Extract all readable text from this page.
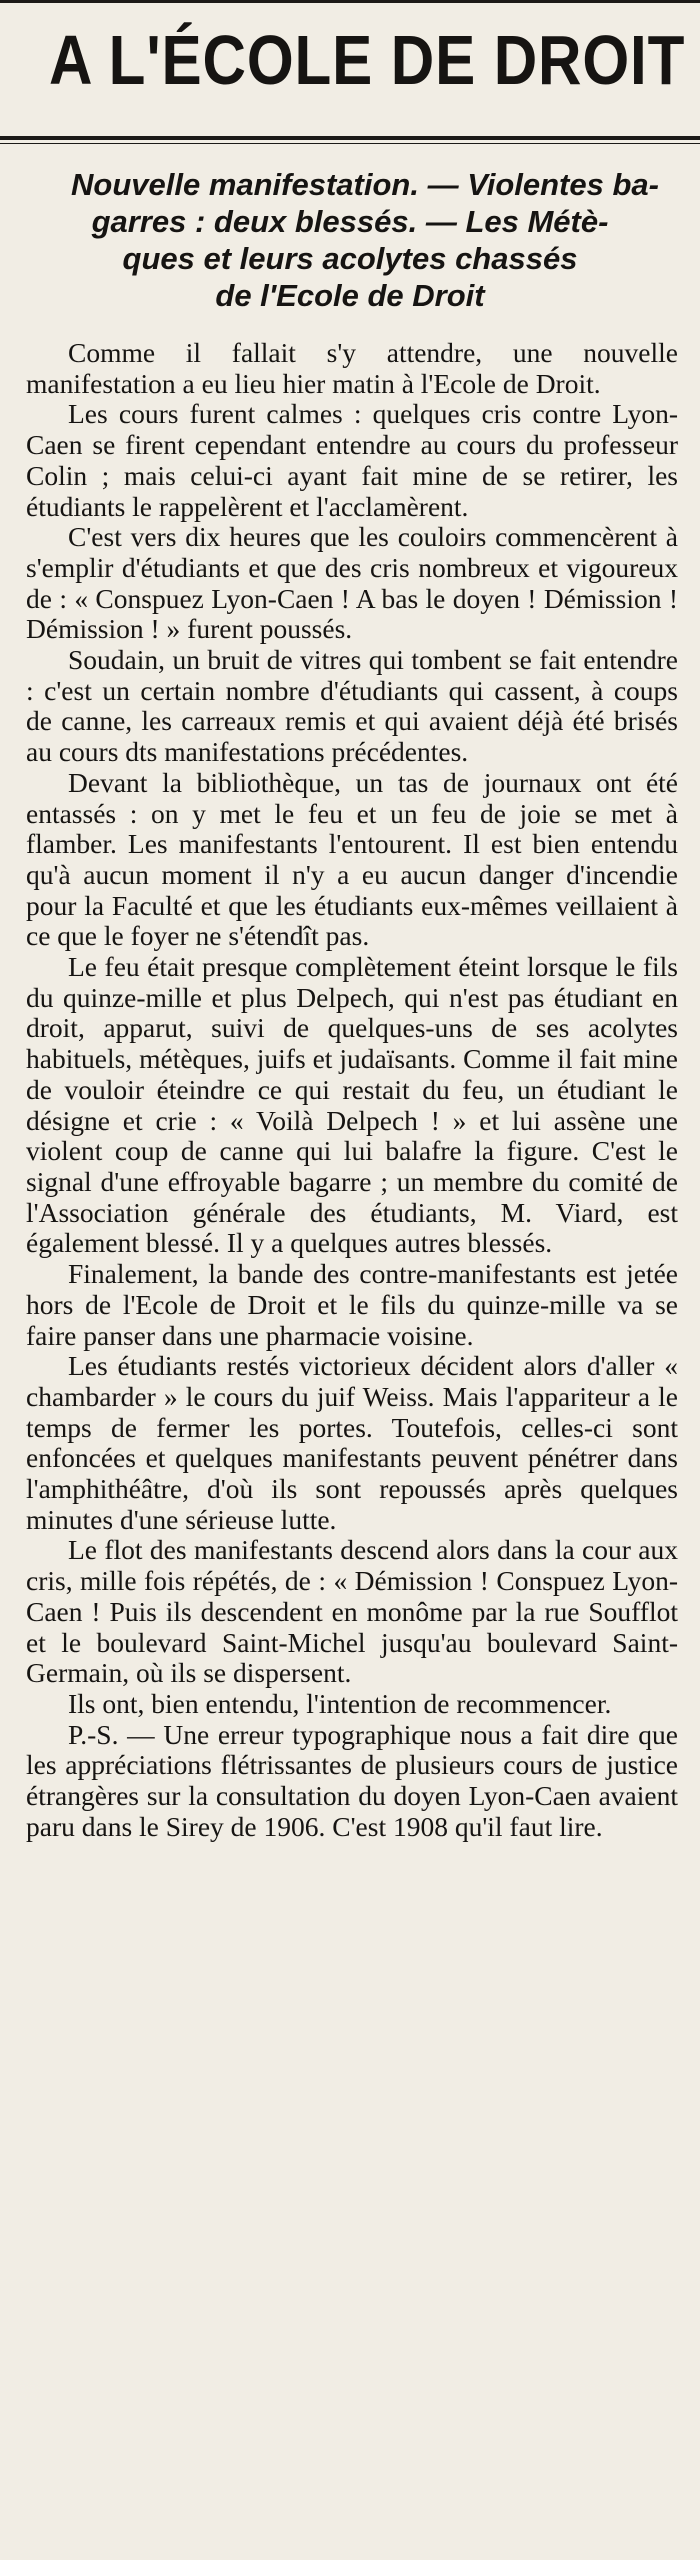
A L'ÉCOLE DE DROIT
Nouvelle manifestation. — Violentes ba-
garres : deux blessés. — Les Métè-
ques et leurs acolytes chassés
de l'Ecole de Droit

Comme il fallait s'y attendre, une nouvelle manifestation a eu lieu hier matin à l'Ecole de Droit.

Les cours furent calmes : quelques cris contre Lyon-Caen se firent cependant entendre au cours du professeur Colin ; mais celui-ci ayant fait mine de se retirer, les étudiants le rappelèrent et l'acclamèrent.

C'est vers dix heures que les couloirs commencèrent à s'emplir d'étudiants et que des cris nombreux et vigoureux de : « Conspuez Lyon-Caen ! A bas le doyen ! Démission ! Démission ! » furent poussés.

Soudain, un bruit de vitres qui tombent se fait entendre : c'est un certain nombre d'étudiants qui cassent, à coups de canne, les carreaux remis et qui avaient déjà été brisés au cours dts manifestations précédentes.

Devant la bibliothèque, un tas de journaux ont été entassés : on y met le feu et un feu de joie se met à flamber. Les manifestants l'entourent. Il est bien entendu qu'à aucun moment il n'y a eu aucun danger d'incendie pour la Faculté et que les étudiants eux-mêmes veillaient à ce que le foyer ne s'étendît pas.

Le feu était presque complètement éteint lorsque le fils du quinze-mille et plus Delpech, qui n'est pas étudiant en droit, apparut, suivi de quelques-uns de ses acolytes habituels, métèques, juifs et judaïsants. Comme il fait mine de vouloir éteindre ce qui restait du feu, un étudiant le désigne et crie : « Voilà Delpech ! » et lui assène une violent coup de canne qui lui balafre la figure. C'est le signal d'une effroyable bagarre ; un membre du comité de l'Association générale des étudiants, M. Viard, est également blessé. Il y a quelques autres blessés.

Finalement, la bande des contre-manifestants est jetée hors de l'Ecole de Droit et le fils du quinze-mille va se faire panser dans une pharmacie voisine.

Les étudiants restés victorieux décident alors d'aller « chambarder » le cours du juif Weiss. Mais l'appariteur a le temps de fermer les portes. Toutefois, celles-ci sont enfoncées et quelques manifestants peuvent pénétrer dans l'amphithéâtre, d'où ils sont repoussés après quelques minutes d'une sérieuse lutte.

Le flot des manifestants descend alors dans la cour aux cris, mille fois répétés, de : « Démission ! Conspuez Lyon-Caen ! Puis ils descendent en monôme par la rue Soufflot et le boulevard Saint-Michel jusqu'au boulevard Saint-Germain, où ils se dispersent.

Ils ont, bien entendu, l'intention de recommencer.

P.-S. — Une erreur typographique nous a fait dire que les appréciations flétrissantes de plusieurs cours de justice étrangères sur la consultation du doyen Lyon-Caen avaient paru dans le Sirey de 1906. C'est 1908 qu'il faut lire.
